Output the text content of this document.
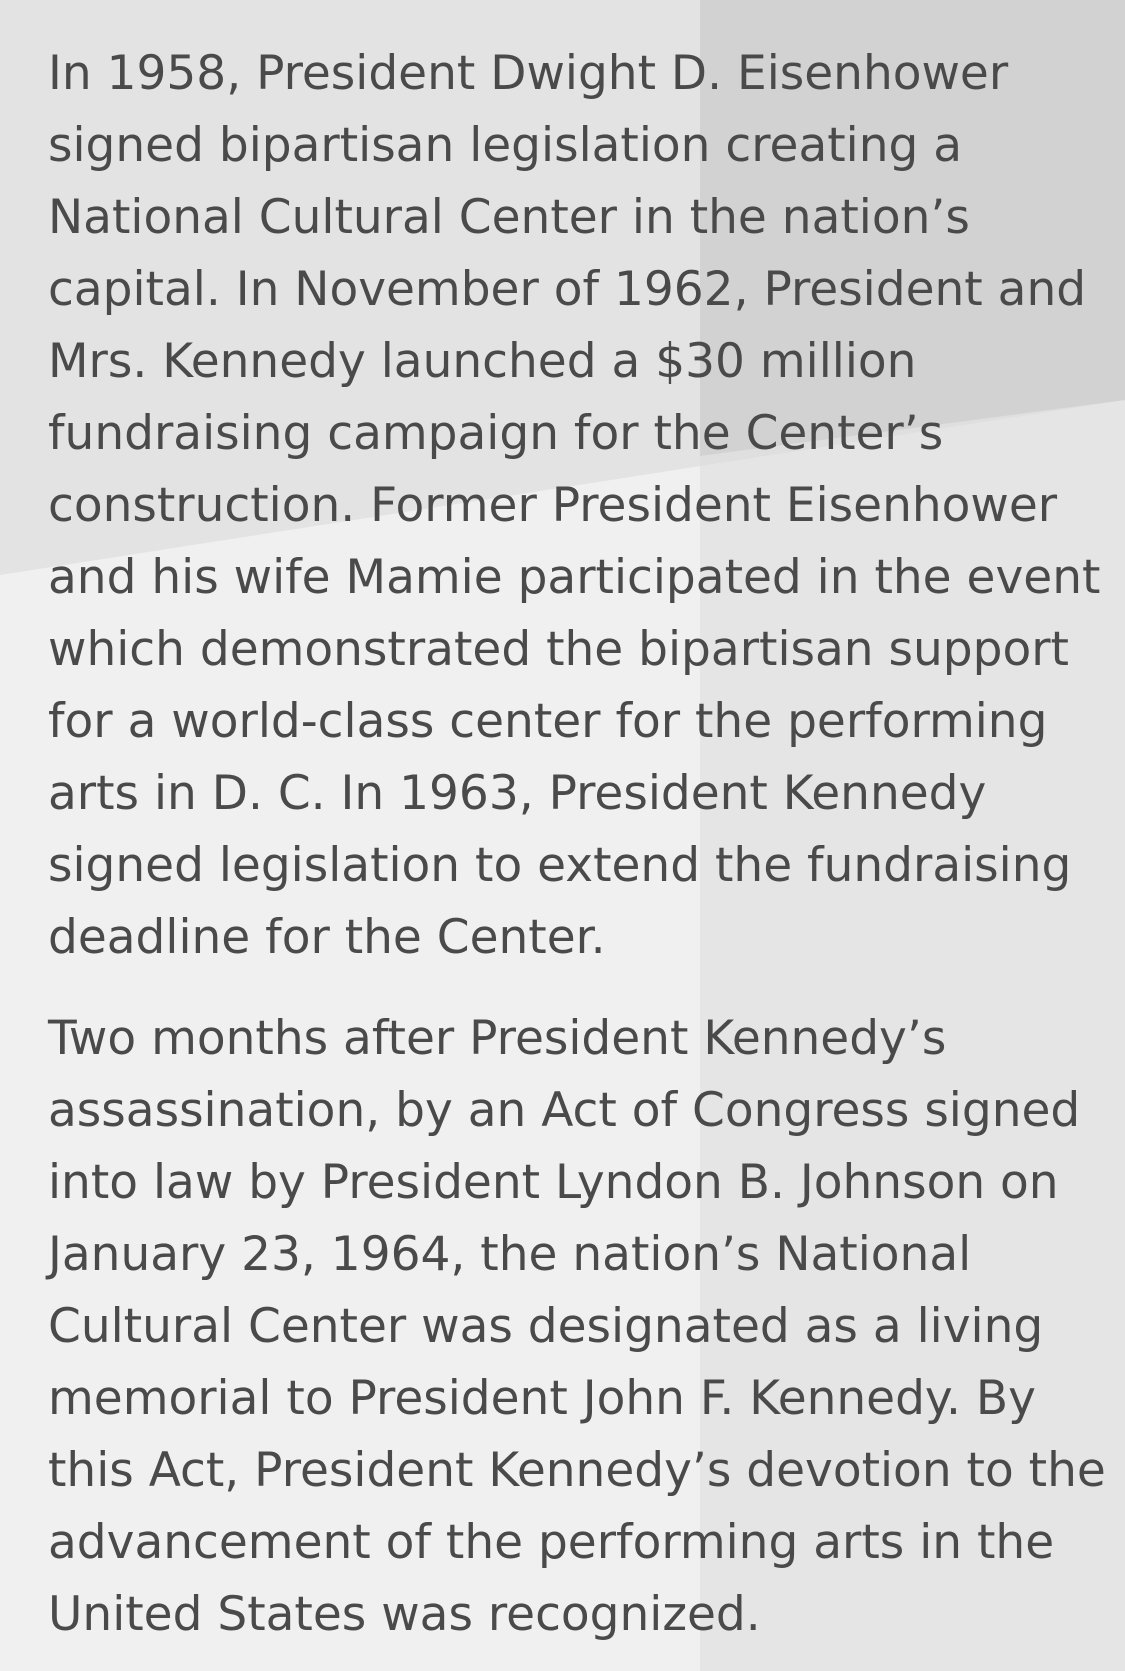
In 1958, President Dwight D. Eisenhower
signed bipartisan legislation creating a
National Cultural Center in the nation’s
capital. In November of 1962, President and
Mrs. Kennedy launched a $30 million
fundraising campaign for the Center’s
construction. Former President Eisenhower
and his wife Mamie participated in the event
which demonstrated the bipartisan support
for a world-class center for the performing
arts in D. C. In 1963, President Kennedy
signed legislation to extend the fundraising
deadline for the Center.

Two months after President Kennedy’s
assassination, by an Act of Congress signed
into law by President Lyndon B. Johnson on
January 23, 1964, the nation’s National
Cultural Center was designated as a living
memorial to President John F. Kennedy. By
this Act, President Kennedy’s devotion to the
advancement of the performing arts in the
United States was recognized.
